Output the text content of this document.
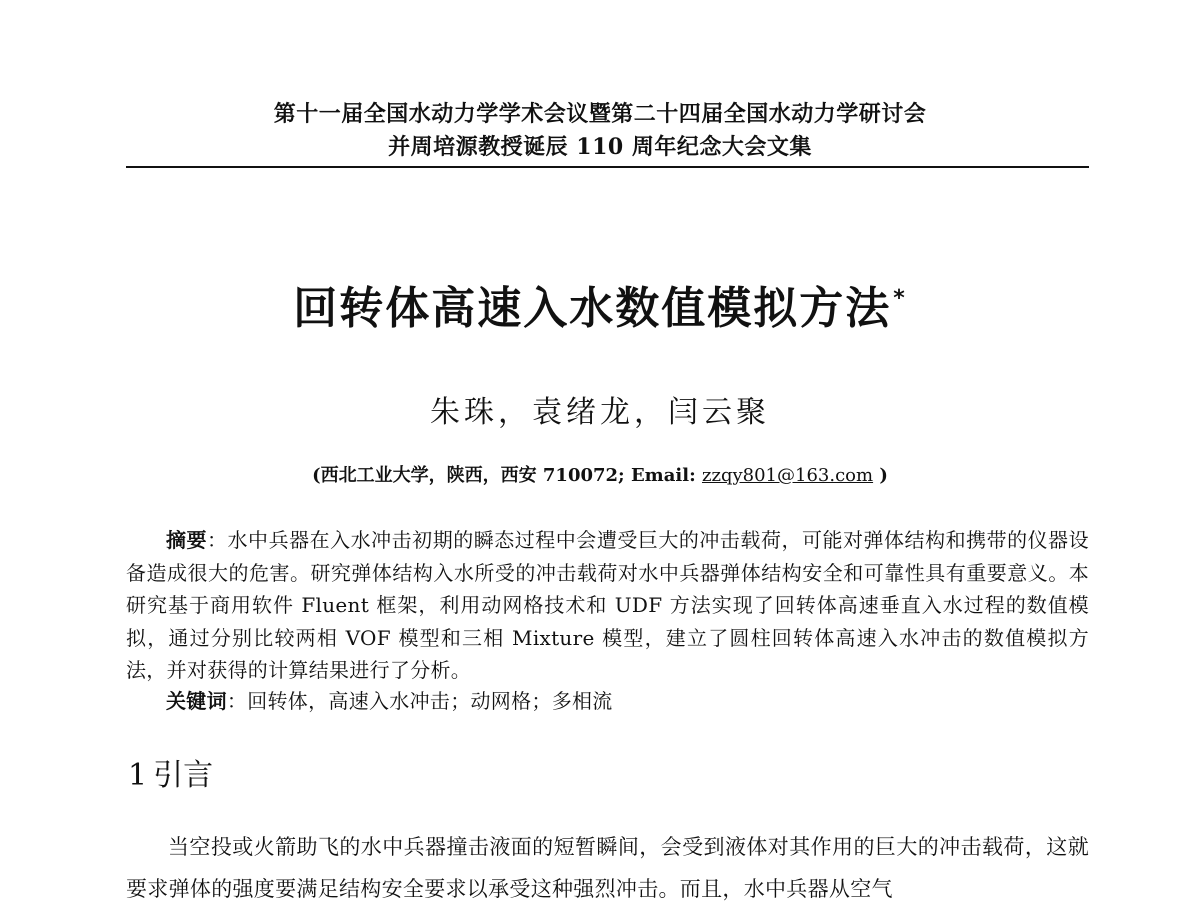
第十一届全国水动力学学术会议暨第二十四届全国水动力学研讨会
并周培源教授诞辰 110 周年纪念大会文集
回转体高速入水数值模拟方法*
朱珠，袁绪龙，闫云聚
(西北工业大学，陕西，西安 710072; Email: zzqy801@163.com )
摘要：水中兵器在入水冲击初期的瞬态过程中会遭受巨大的冲击载荷，可能对弹体结构和携带的仪器设备造成很大的危害。研究弹体结构入水所受的冲击载荷对水中兵器弹体结构安全和可靠性具有重要意义。本研究基于商用软件 Fluent 框架，利用动网格技术和 UDF 方法实现了回转体高速垂直入水过程的数值模拟，通过分别比较两相 VOF 模型和三相 Mixture 模型，建立了圆柱回转体高速入水冲击的数值模拟方法，并对获得的计算结果进行了分析。
关键词：回转体，高速入水冲击；动网格；多相流
1 引言
当空投或火箭助飞的水中兵器撞击液面的短暂瞬间，会受到液体对其作用的巨大的冲击载荷，这就要求弹体的强度要满足结构安全要求以承受这种强烈冲击。而且，水中兵器从空气
